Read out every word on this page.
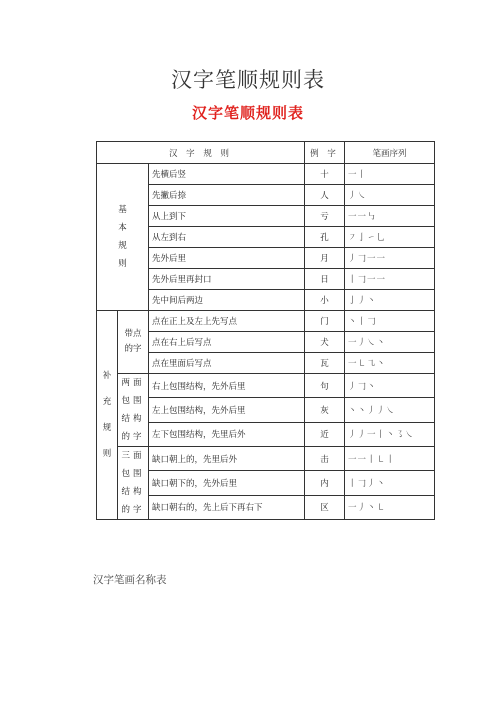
汉字笔顺规则表
汉字笔顺规则表
汉 字 规 则			例 字	笔画序列
基
本
规
则		先横后竖	十	一丨
		先撇后捺	人	丿㇏
		从上到下	亏	一一㇉
		从左到右	孔	㇇亅㇀乚
		先外后里	月	丿𠃌一一
		先外后里再封口	日	丨𠃌一一
		先中间后两边	小	亅丿丶
补
充
规
则	带点的字	点在正上及左上先写点	门	丶丨𠃌
		点在右上后写点	犬	一丿㇏丶
		点在里面后写点	瓦	一㇄㇈丶
	两面包围结构的字	右上包围结构，先外后里	句	丿𠃌丶
		左上包围结构，先外后里	灰	丶丶丿丿㇏
		左下包围结构，先里后外	近	丿丿一丨丶㇌㇏
	三面包围结构的字	缺口朝上的，先里后外	击	一一丨㇄丨
		缺口朝下的，先外后里	内	丨𠃌丿丶
		缺口朝右的，先上后下再右下	区	一丿丶㇄
汉字笔画名称表
